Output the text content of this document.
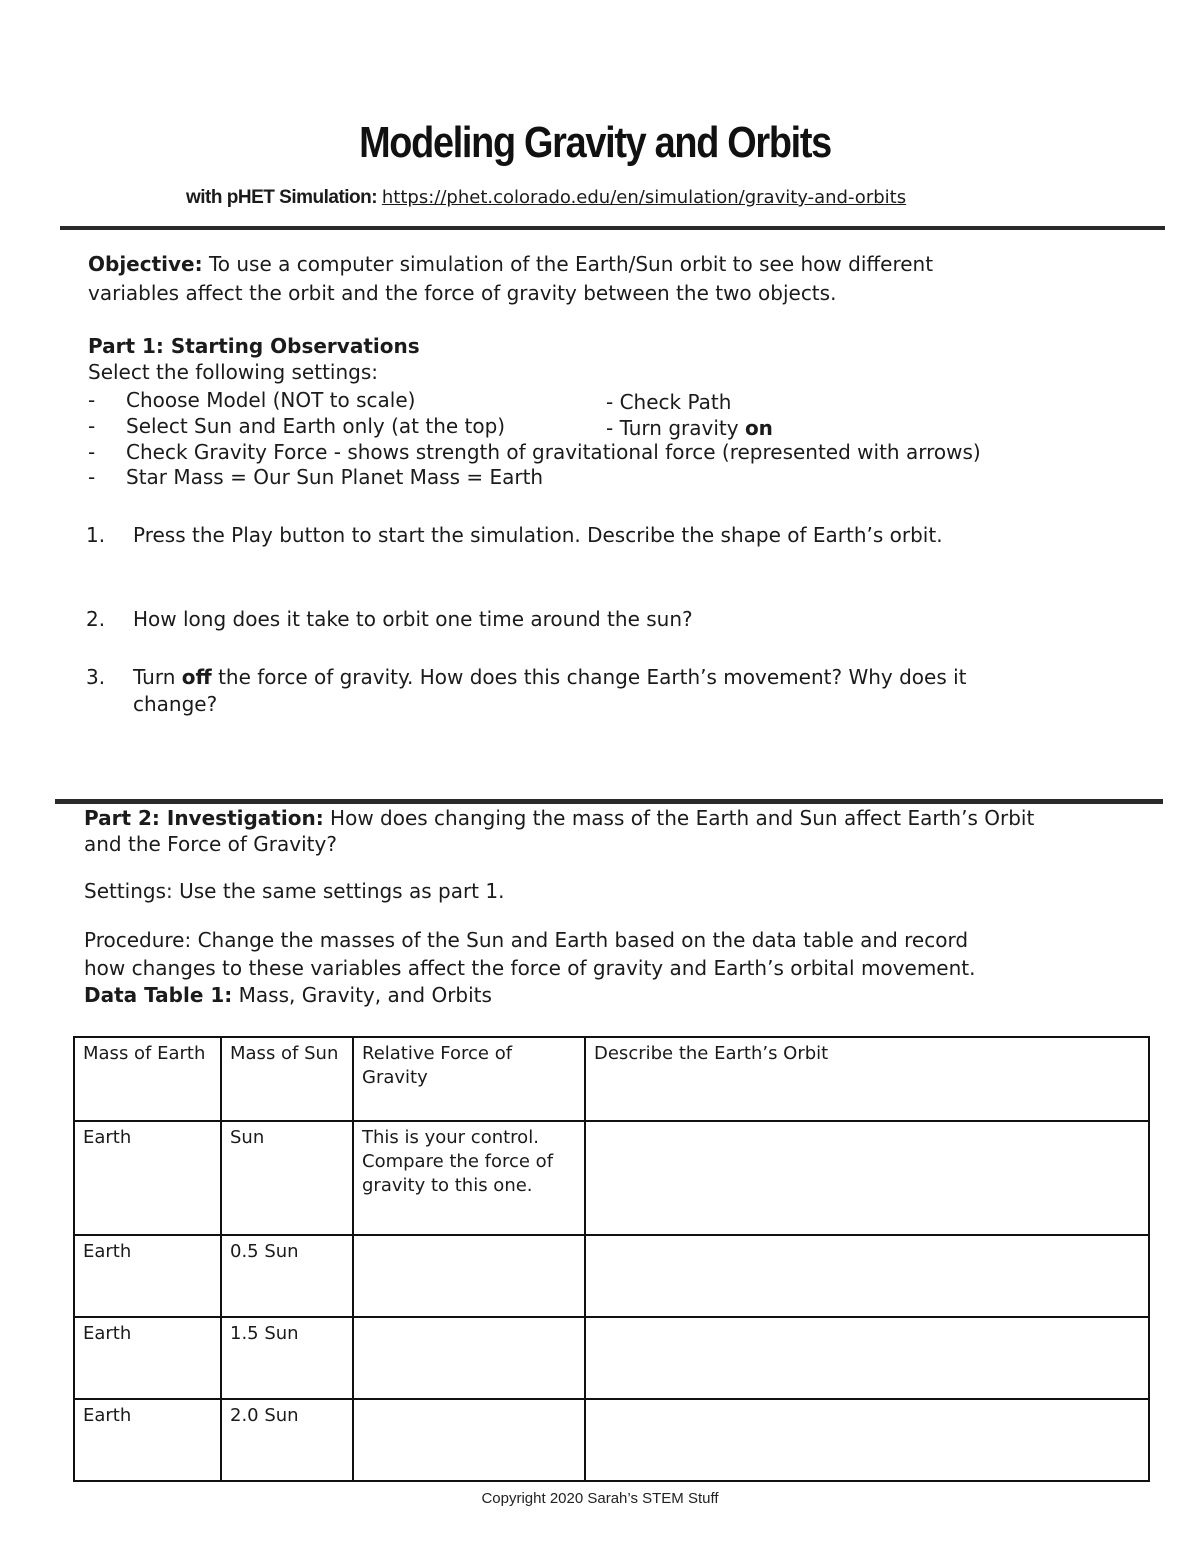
Modeling Gravity and Orbits
with pHET Simulation: https://phet.colorado.edu/en/simulation/gravity-and-orbits
Objective: To use a computer simulation of the Earth/Sun orbit to see how different
variables affect the orbit and the force of gravity between the two objects.
Part 1: Starting Observations
Select the following settings:
- Choose Model (NOT to scale)	- Check Path
- Select Sun and Earth only (at the top)	- Turn gravity on
- Check Gravity Force - shows strength of gravitational force (represented with arrows)
- Star Mass = Our Sun Planet Mass = Earth
1. Press the Play button to start the simulation. Describe the shape of Earth’s orbit.
2. How long does it take to orbit one time around the sun?
3. Turn off the force of gravity. How does this change Earth’s movement? Why does it
change?
Part 2: Investigation: How does changing the mass of the Earth and Sun affect Earth’s Orbit
and the Force of Gravity?
Settings: Use the same settings as part 1.
Procedure: Change the masses of the Sun and Earth based on the data table and record
how changes to these variables affect the force of gravity and Earth’s orbital movement.
Data Table 1: Mass, Gravity, and Orbits
Mass of Earth	Mass of Sun	Relative Force of Gravity	Describe the Earth’s Orbit
Earth	Sun	This is your control. Compare the force of gravity to this one.	
Earth	0.5 Sun		
Earth	1.5 Sun		
Earth	2.0 Sun		
Copyright 2020 Sarah’s STEM Stuff
